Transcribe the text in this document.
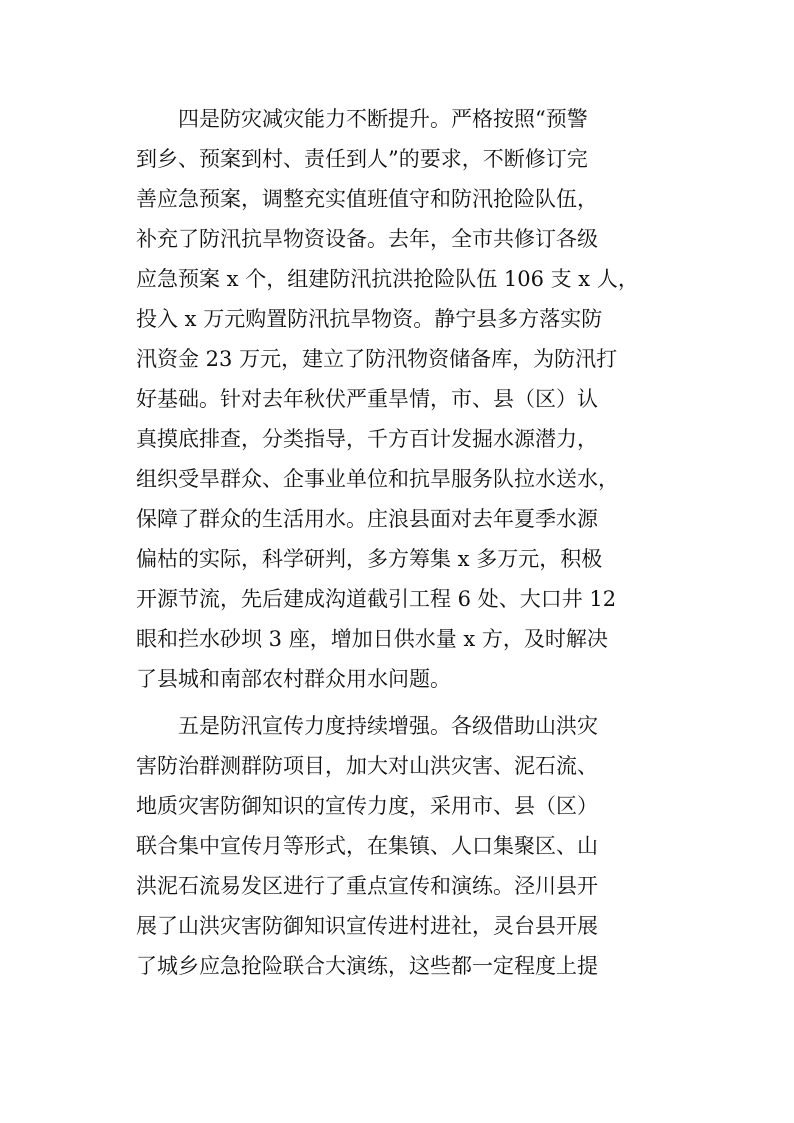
四是防灾减灾能力不断提升。严格按照“预警
到乡、预案到村、责任到人”的要求，不断修订完
善应急预案，调整充实值班值守和防汛抢险队伍，
补充了防汛抗旱物资设备。去年，全市共修订各级
应急预案 x 个，组建防汛抗洪抢险队伍 106 支 x 人，
投入 x 万元购置防汛抗旱物资。静宁县多方落实防
汛资金 23 万元，建立了防汛物资储备库，为防汛打
好基础。针对去年秋伏严重旱情，市、县（区）认
真摸底排查，分类指导，千方百计发掘水源潜力，
组织受旱群众、企事业单位和抗旱服务队拉水送水，
保障了群众的生活用水。庄浪县面对去年夏季水源
偏枯的实际，科学研判，多方筹集 x 多万元，积极
开源节流，先后建成沟道截引工程 6 处、大口井 12
眼和拦水砂坝 3 座，增加日供水量 x 方，及时解决
了县城和南部农村群众用水问题。
五是防汛宣传力度持续增强。各级借助山洪灾
害防治群测群防项目，加大对山洪灾害、泥石流、
地质灾害防御知识的宣传力度，采用市、县（区）
联合集中宣传月等形式，在集镇、人口集聚区、山
洪泥石流易发区进行了重点宣传和演练。泾川县开
展了山洪灾害防御知识宣传进村进社，灵台县开展
了城乡应急抢险联合大演练，这些都一定程度上提
